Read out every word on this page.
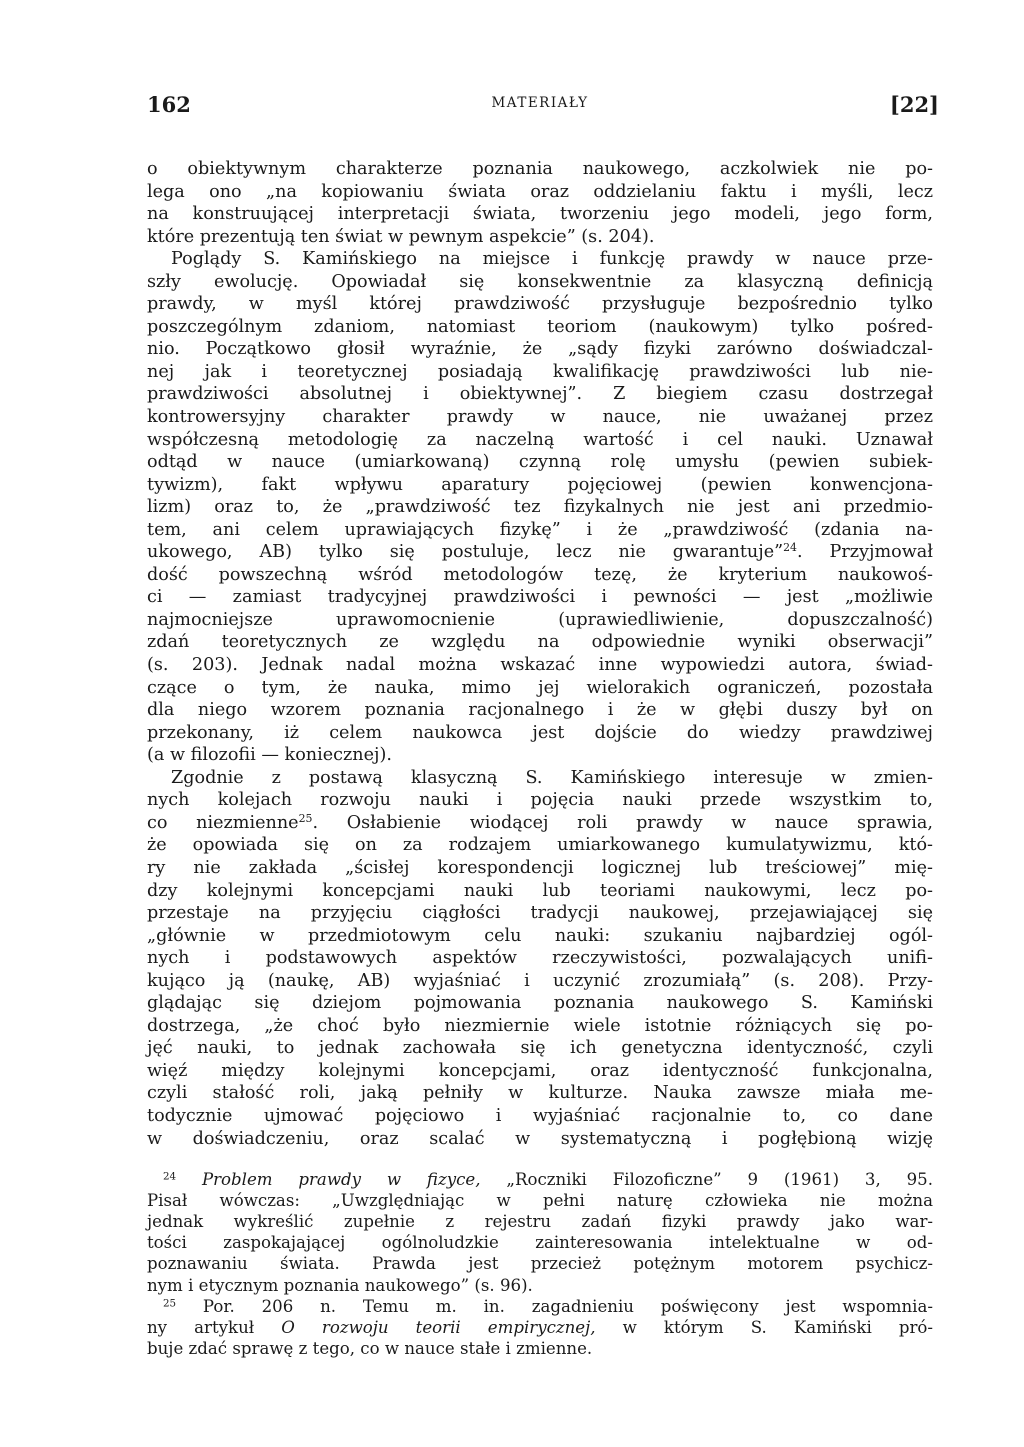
162	MATERIAŁY	[22]
o obiektywnym charakterze poznania naukowego, aczkolwiek nie po-
lega ono „na kopiowaniu świata oraz oddzielaniu faktu i myśli, lecz
na konstruującej interpretacji świata, tworzeniu jego modeli, jego form,
które prezentują ten świat w pewnym aspekcie” (s. 204).
Poglądy S. Kamińskiego na miejsce i funkcję prawdy w nauce prze-
szły ewolucję. Opowiadał się konsekwentnie za klasyczną definicją
prawdy, w myśl której prawdziwość przysługuje bezpośrednio tylko
poszczególnym zdaniom, natomiast teoriom (naukowym) tylko pośred-
nio. Początkowo głosił wyraźnie, że „sądy fizyki zarówno doświadczal-
nej jak i teoretycznej posiadają kwalifikację prawdziwości lub nie-
prawdziwości absolutnej i obiektywnej”. Z biegiem czasu dostrzegał
kontrowersyjny charakter prawdy w nauce, nie uważanej przez
współczesną metodologię za naczelną wartość i cel nauki. Uznawał
odtąd w nauce (umiarkowaną) czynną rolę umysłu (pewien subiek-
tywizm), fakt wpływu aparatury pojęciowej (pewien konwencjona-
lizm) oraz to, że „prawdziwość tez fizykalnych nie jest ani przedmio-
tem, ani celem uprawiających fizykę” i że „prawdziwość (zdania na-
ukowego, AB) tylko się postuluje, lecz nie gwarantuje”$^{24}$. Przyjmował
dość powszechną wśród metodologów tezę, że kryterium naukowoś-
ci — zamiast tradycyjnej prawdziwości i pewności — jest „możliwie
najmocniejsze uprawomocnienie (uprawiedliwienie, dopuszczalność)
zdań teoretycznych ze względu na odpowiednie wyniki obserwacji”
(s. 203). Jednak nadal można wskazać inne wypowiedzi autora, świad-
czące o tym, że nauka, mimo jej wielorakich ograniczeń, pozostała
dla niego wzorem poznania racjonalnego i że w głębi duszy był on
przekonany, iż celem naukowca jest dojście do wiedzy prawdziwej
(a w filozofii — koniecznej).
Zgodnie z postawą klasyczną S. Kamińskiego interesuje w zmien-
nych kolejach rozwoju nauki i pojęcia nauki przede wszystkim to,
co niezmienne$^{25}$. Osłabienie wiodącej roli prawdy w nauce sprawia,
że opowiada się on za rodzajem umiarkowanego kumulatywizmu, któ-
ry nie zakłada „ścisłej korespondencji logicznej lub treściowej” mię-
dzy kolejnymi koncepcjami nauki lub teoriami naukowymi, lecz po-
przestaje na przyjęciu ciągłości tradycji naukowej, przejawiającej się
„głównie w przedmiotowym celu nauki: szukaniu najbardziej ogól-
nych i podstawowych aspektów rzeczywistości, pozwalających unifi-
kująco ją (naukę, AB) wyjaśniać i uczynić zrozumiałą” (s. 208). Przy-
glądając się dziejom pojmowania poznania naukowego S. Kamiński
dostrzega, „że choć było niezmiernie wiele istotnie różniących się po-
jęć nauki, to jednak zachowała się ich genetyczna identyczność, czyli
więź między kolejnymi koncepcjami, oraz identyczność funkcjonalna,
czyli stałość roli, jaką pełniły w kulturze. Nauka zawsze miała me-
todycznie ujmować pojęciowo i wyjaśniać racjonalnie to, co dane
w doświadczeniu, oraz scalać w systematyczną i pogłębioną wizję
$^{24}$ Problem prawdy w fizyce, „Roczniki Filozoficzne” 9 (1961) 3, 95.
Pisał wówczas: „Uwzględniając w pełni naturę człowieka nie można
jednak wykreślić zupełnie z rejestru zadań fizyki prawdy jako war-
tości zaspokajającej ogólnoludzkie zainteresowania intelektualne w od-
poznawaniu świata. Prawda jest przecież potężnym motorem psychicz-
nym i etycznym poznania naukowego” (s. 96).
$^{25}$ Por. 206 n. Temu m. in. zagadnieniu poświęcony jest wspomnia-
ny artykuł O rozwoju teorii empirycznej, w którym S. Kamiński pró-
buje zdać sprawę z tego, co w nauce stałe i zmienne.
